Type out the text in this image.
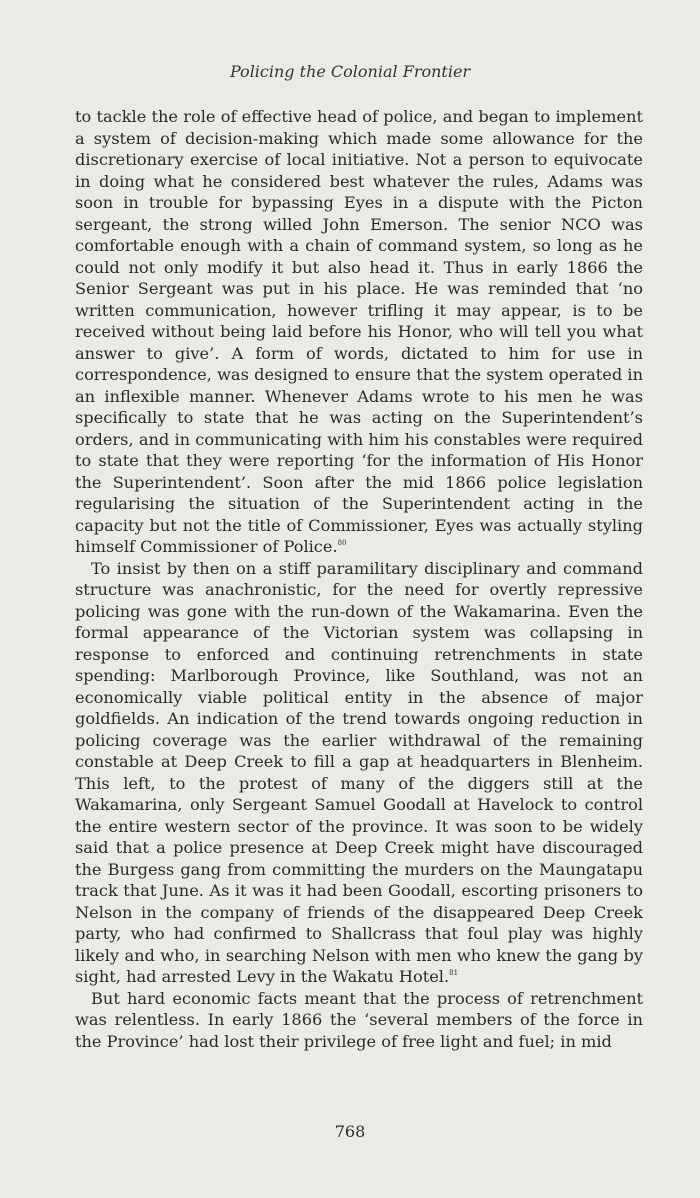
Policing the Colonial Frontier

to tackle the role of effective head of police, and began to implement a system of decision-making which made some allowance for the discretionary exercise of local initiative. Not a person to equivocate in doing what he considered best whatever the rules, Adams was soon in trouble for bypassing Eyes in a dispute with the Picton sergeant, the strong willed John Emerson. The senior NCO was comfortable enough with a chain of command system, so long as he could not only modify it but also head it. Thus in early 1866 the Senior Sergeant was put in his place. He was reminded that ‘no written communication, however trifling it may appear, is to be received without being laid before his Honor, who will tell you what answer to give’. A form of words, dictated to him for use in correspondence, was designed to ensure that the system operated in an inflexible manner. Whenever Adams wrote to his men he was specifically to state that he was acting on the Superintendent’s orders, and in communicating with him his constables were required to state that they were reporting ‘for the information of His Honor the Superintendent’. Soon after the mid 1866 police legislation regularising the situation of the Superintendent acting in the capacity but not the title of Commissioner, Eyes was actually styling himself Commissioner of Police.$^{80}$

To insist by then on a stiff paramilitary disciplinary and command structure was anachronistic, for the need for overtly repressive policing was gone with the run-down of the Wakamarina. Even the formal appearance of the Victorian system was collapsing in response to enforced and continuing retrenchments in state spending: Marlborough Province, like Southland, was not an economically viable political entity in the absence of major goldfields. An indication of the trend towards ongoing reduction in policing coverage was the earlier withdrawal of the remaining constable at Deep Creek to fill a gap at headquarters in Blenheim. This left, to the protest of many of the diggers still at the Wakamarina, only Sergeant Samuel Goodall at Havelock to control the entire western sector of the province. It was soon to be widely said that a police presence at Deep Creek might have discouraged the Burgess gang from committing the murders on the Maungatapu track that June. As it was it had been Goodall, escorting prisoners to Nelson in the company of friends of the disappeared Deep Creek party, who had confirmed to Shallcrass that foul play was highly likely and who, in searching Nelson with men who knew the gang by sight, had arrested Levy in the Wakatu Hotel.$^{81}$

But hard economic facts meant that the process of retrenchment was relentless. In early 1866 the ‘several members of the force in the Province’ had lost their privilege of free light and fuel; in mid

768
